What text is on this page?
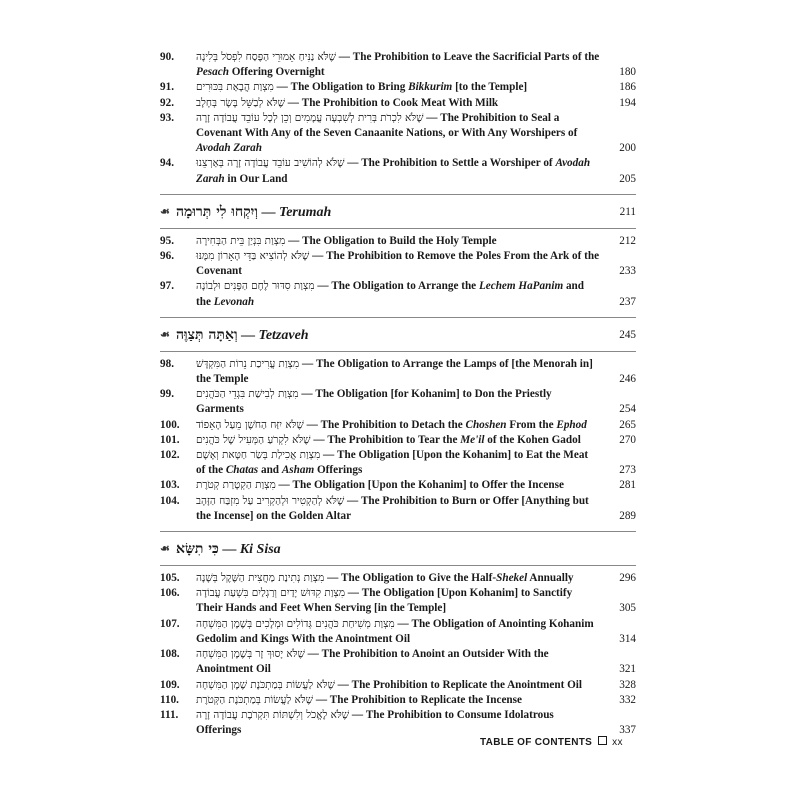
90.	שֶׁלֹּא נַנִּיחַ אֵמוּרֵי הַפֶּסַח לִפְסֹל בְּלִינָה — The Prohibition to Leave the Sacrificial Parts of the Pesach Offering Overnight	180
91.	מִצְוַת הֲבָאַת בִּכּוּרִים — The Obligation to Bring Bikkurim [to the Temple]	186
92.	שֶׁלֹּא לְבַשֵּׁל בָּשָׂר בְּחָלָב — The Prohibition to Cook Meat With Milk	194
93.	שֶׁלֹּא לִכְרֹת בְּרִית לְשִׁבְעָה עֲמָמִים וְכֵן לְכָל עוֹבֵד עֲבוֹדָה זָרָה — The Prohibition to Seal a Covenant With Any of the Seven Canaanite Nations, or With Any Worshipers of Avodah Zarah	200
94.	שֶׁלֹּא לְהוֹשִׁיב עוֹבֵד עֲבוֹדָה זָרָה בְּאַרְצֵנוּ — The Prohibition to Settle a Worshiper of Avodah Zarah in Our Land	205
☙ וְיִקְחוּ לִי תְּרוּמָה — Terumah	211
95.	מִצְוַת בִּנְיַן בֵּית הַבְּחִירָה — The Obligation to Build the Holy Temple	212
96.	שֶׁלֹּא לְהוֹצִיא בַּדֵּי הָאָרוֹן מִמֶּנּוּ — The Prohibition to Remove the Poles From the Ark of the Covenant	233
97.	מִצְוַת סִדּוּר לֶחֶם הַפָּנִים וּלְבוֹנָה — The Obligation to Arrange the Lechem HaPanim and the Levonah	237
☙ וְאַתָּה תְּצַוֶּה — Tetzaveh	245
98.	מִצְוַת עֲרִיכַת נֵרוֹת הַמִּקְדָּשׁ — The Obligation to Arrange the Lamps of [the Menorah in] the Temple	246
99.	מִצְוַת לְבִישַׁת בִּגְדֵי הַכֹּהֲנִים — The Obligation [for Kohanim] to Don the Priestly Garments	254
100.	שֶׁלֹּא יִזַּח הַחֹשֶׁן מֵעַל הָאֵפוֹד — The Prohibition to Detach the Choshen From the Ephod	265
101.	שֶׁלֹּא לִקְרֹעַ הַמְּעִיל שֶׁל כֹּהֲנִים — The Prohibition to Tear the Me'il of the Kohen Gadol	270
102.	מִצְוַת אֲכִילַת בְּשַׂר חַטָּאת וְאָשָׁם — The Obligation [Upon the Kohanim] to Eat the Meat of the Chatas and Asham Offerings	273
103.	מִצְוַת הַקְטָרַת קְטֹרֶת — The Obligation [Upon the Kohanim] to Offer the Incense	281
104.	שֶׁלֹּא לְהַקְטִיר וּלְהַקְרִיב עַל מִזְבַּח הַזָּהָב — The Prohibition to Burn or Offer [Anything but the Incense] on the Golden Altar	289
☙ כִּי תִשָּׂא — Ki Sisa
105.	מִצְוַת נְתִינַת מַחֲצִית הַשֶּׁקֶל בְּשָׁנָה — The Obligation to Give the Half-Shekel Annually	296
106.	מִצְוַת קִדּוּשׁ יָדַיִם וְרַגְלַיִם בִּשְׁעַת עֲבוֹדָה — The Obligation [Upon Kohanim] to Sanctify Their Hands and Feet When Serving [in the Temple]	305
107.	מִצְוַת מְשִׁיחַת כֹּהֲנִים גְּדוֹלִים וּמְלָכִים בְּשֶׁמֶן הַמִּשְׁחָה — The Obligation of Anointing Kohanim Gedolim and Kings With the Anointment Oil	314
108.	שֶׁלֹּא יָסוּךְ זָר בְּשֶׁמֶן הַמִּשְׁחָה — The Prohibition to Anoint an Outsider With the Anointment Oil	321
109.	שֶׁלֹּא לַעֲשׂוֹת בְּמַתְכֹּנֶת שֶׁמֶן הַמִּשְׁחָה — The Prohibition to Replicate the Anointment Oil	328
110.	שֶׁלֹּא לַעֲשׂוֹת בְּמַתְכֹּנֶת הַקְּטֹרֶת — The Prohibition to Replicate the Incense	332
111.	שֶׁלֹּא לֶאֱכֹל וְלִשְׁתּוֹת תִּקְרֹבֶת עֲבוֹדָה זָרָה — The Prohibition to Consume Idolatrous Offerings	337
TABLE OF CONTENTS xx
